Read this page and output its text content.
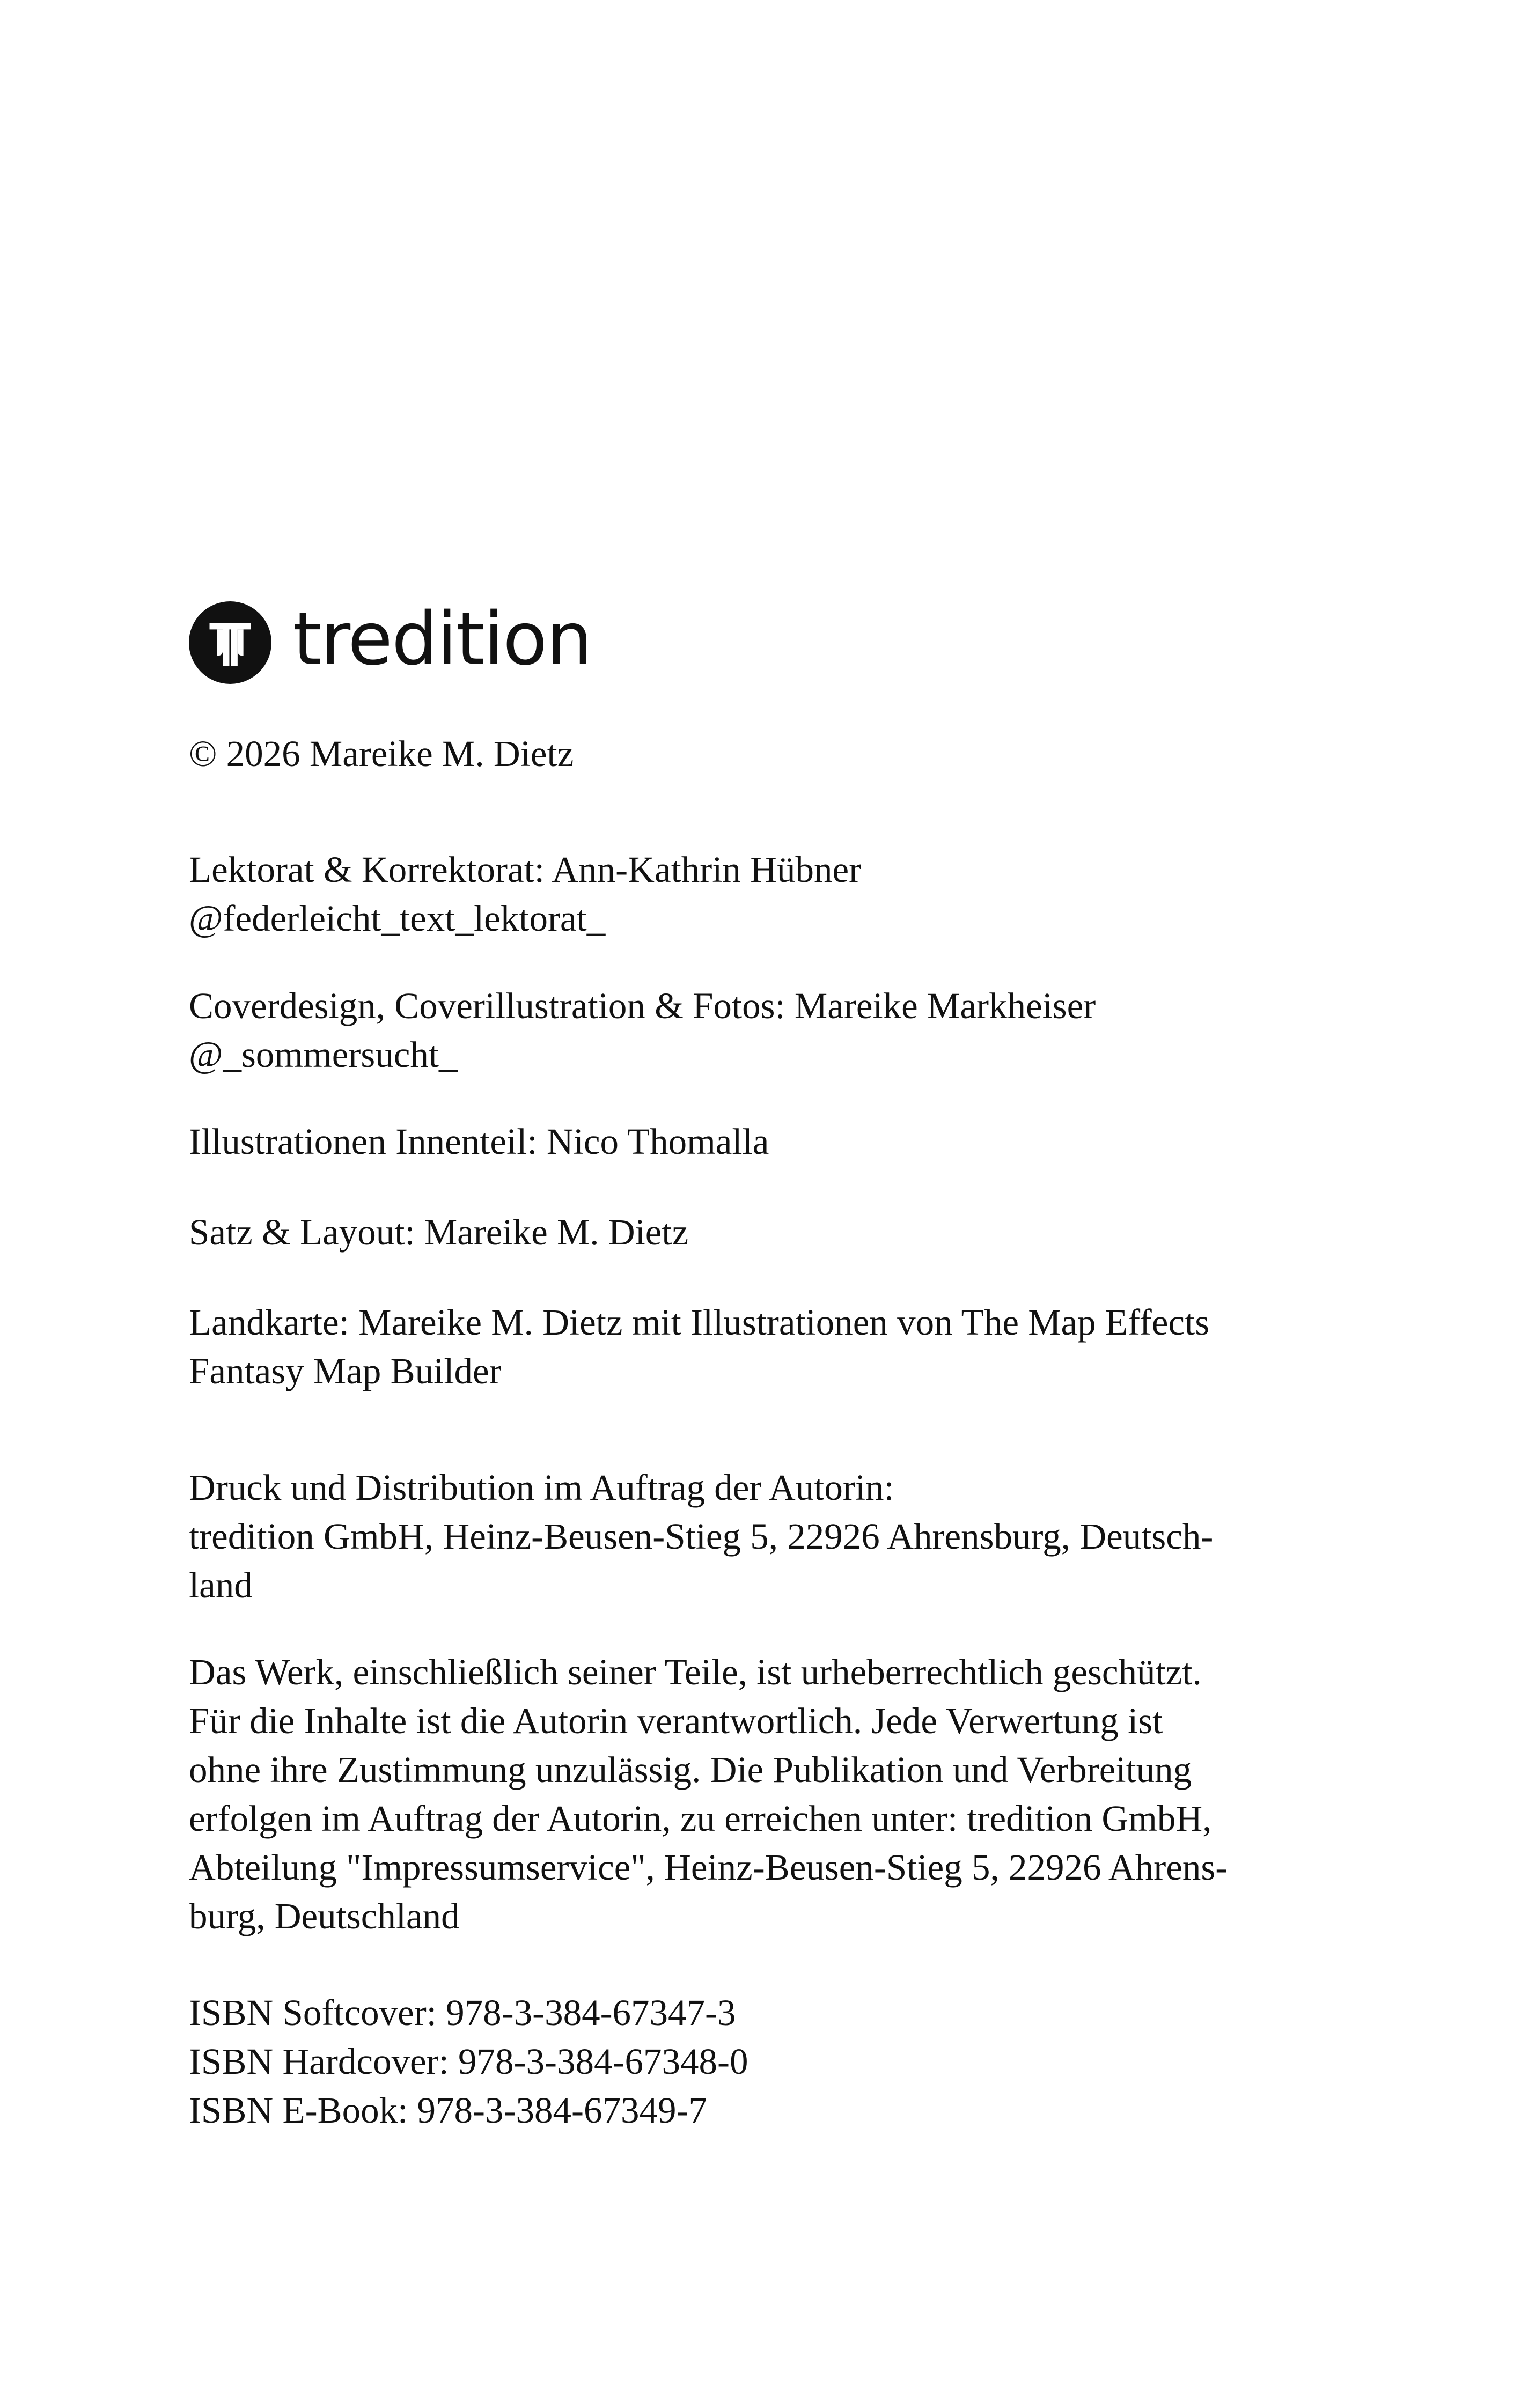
tredition
© 2026 Mareike M. Dietz
Lektorat & Korrektorat: Ann-Kathrin Hübner
@federleicht_text_lektorat_
Coverdesign, Coverillustration & Fotos: Mareike Markheiser
@_sommersucht_
Illustrationen Innenteil: Nico Thomalla
Satz & Layout: Mareike M. Dietz
Landkarte: Mareike M. Dietz mit Illustrationen von The Map Effects
Fantasy Map Builder
Druck und Distribution im Auftrag der Autorin:
tredition GmbH, Heinz-Beusen-Stieg 5, 22926 Ahrensburg, Deutsch-
land
Das Werk, einschließlich seiner Teile, ist urheberrechtlich geschützt.
Für die Inhalte ist die Autorin verantwortlich. Jede Verwertung ist
ohne ihre Zustimmung unzulässig. Die Publikation und Verbreitung
erfolgen im Auftrag der Autorin, zu erreichen unter: tredition GmbH,
Abteilung "Impressumservice", Heinz-Beusen-Stieg 5, 22926 Ahrens-
burg, Deutschland
ISBN Softcover: 978-3-384-67347-3
ISBN Hardcover: 978-3-384-67348-0
ISBN E-Book: 978-3-384-67349-7
